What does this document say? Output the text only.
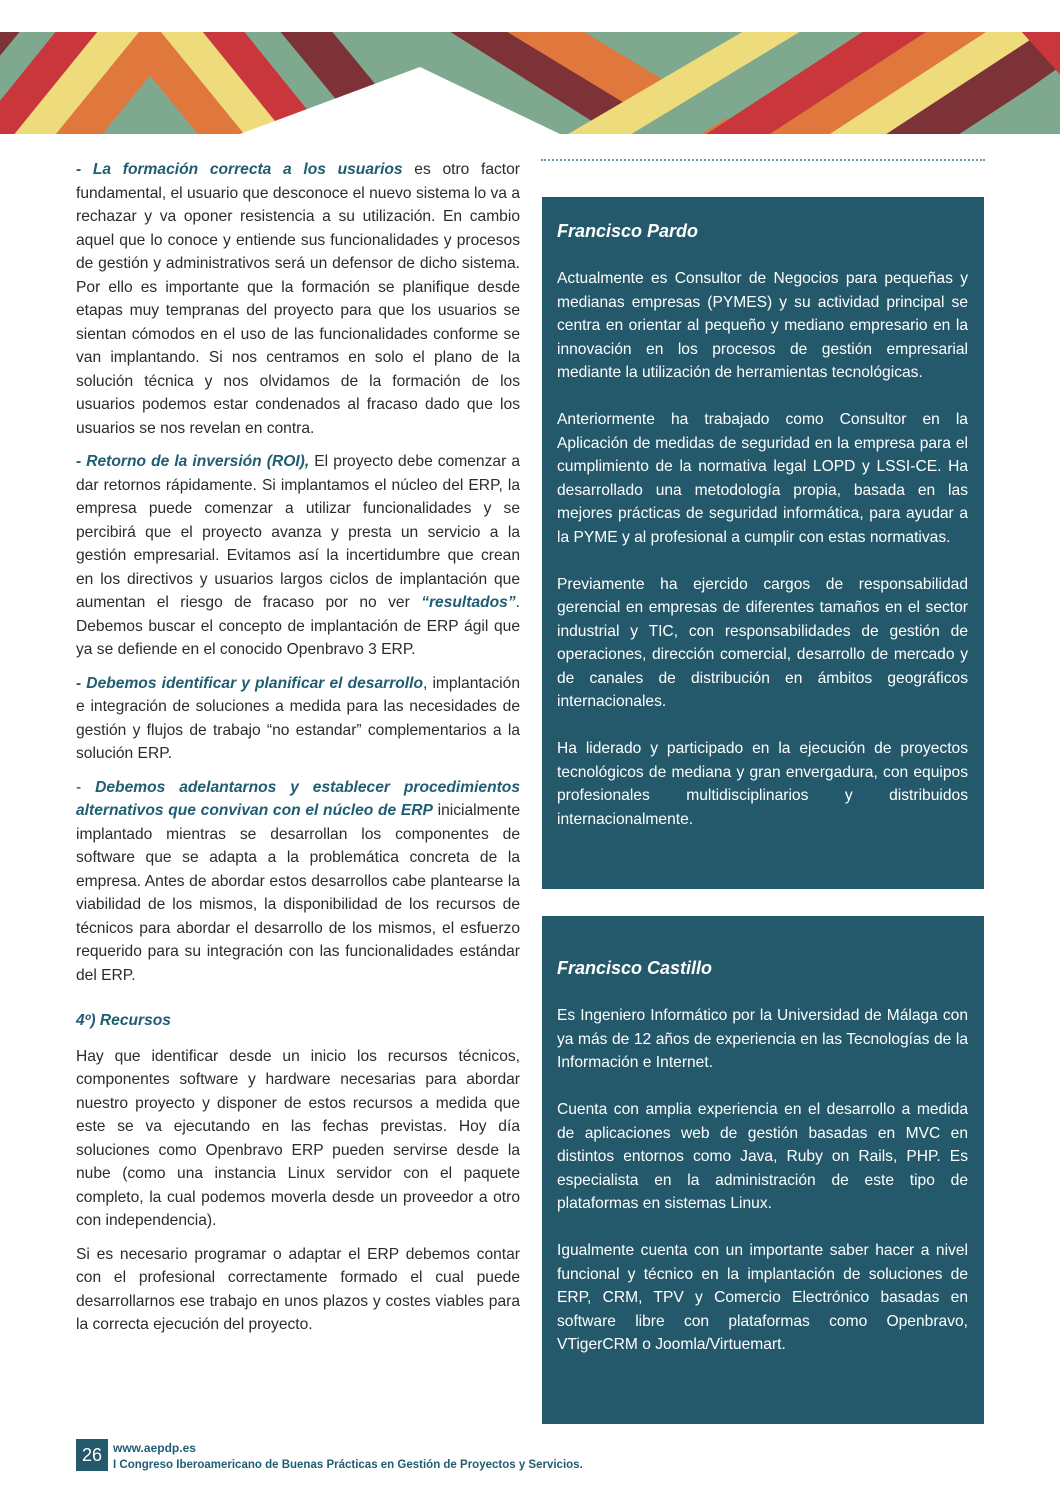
- La formación correcta a los usuarios es otro factor fundamental, el usuario que desconoce el nuevo sistema lo va a rechazar y va oponer resistencia a su utilización. En cambio aquel que lo conoce y entiende sus funcionalidades y procesos de gestión y administrativos será un defensor de dicho sistema. Por ello es importante que la formación se planifique desde etapas muy tempranas del proyecto para que los usuarios se sientan cómodos en el uso de las funcionalidades conforme se van implantando. Si nos centramos en solo el plano de la solución técnica y nos olvidamos de la formación de los usuarios podemos estar condenados al fracaso dado que los usuarios se nos revelan en contra.

- Retorno de la inversión (ROI), El proyecto debe comenzar a dar retornos rápidamente. Si implantamos el núcleo del ERP, la empresa puede comenzar a utilizar funcionalidades y se percibirá que el proyecto avanza y presta un servicio a la gestión empresarial. Evitamos así la incertidumbre que crean en los directivos y usuarios largos ciclos de implantación que aumentan el riesgo de fracaso por no ver “resultados”. Debemos buscar el concepto de implantación de ERP ágil que ya se defiende en el conocido Openbravo 3 ERP.

- Debemos identificar y planificar el desarrollo, implantación e integración de soluciones a medida para las necesidades de gestión y flujos de trabajo “no estandar” complementarios a la solución ERP.

- Debemos adelantarnos y establecer procedimientos alternativos que convivan con el núcleo de ERP inicialmente implantado mientras se desarrollan los componentes de software que se adapta a la problemática concreta de la empresa. Antes de abordar estos desarrollos cabe plantearse la viabilidad de los mismos, la disponibilidad de los recursos de técnicos para abordar el desarrollo de los mismos, el esfuerzo requerido para su integración con las funcionalidades estándar del ERP.

4º) Recursos

Hay que identificar desde un inicio los recursos técnicos, componentes software y hardware necesarias para abordar nuestro proyecto y disponer de estos recursos a medida que este se va ejecutando en las fechas previstas. Hoy día soluciones como Openbravo ERP pueden servirse desde la nube (como una instancia Linux servidor con el paquete completo, la cual podemos moverla desde un proveedor a otro con independencia).

Si es necesario programar o adaptar el ERP debemos contar con el profesional correctamente formado el cual puede desarrollarnos ese trabajo en unos plazos y costes viables para la correcta ejecución del proyecto.

Francisco Pardo

Actualmente es Consultor de Negocios para pequeñas y medianas empresas (PYMES) y su actividad principal se centra en orientar al pequeño y mediano empresario en la innovación en los procesos de gestión empresarial mediante la utilización de herramientas tecnológicas.

Anteriormente ha trabajado como Consultor en la Aplicación de medidas de seguridad en la empresa para el cumplimiento de la normativa legal LOPD y LSSI-CE. Ha desarrollado una metodología propia, basada en las mejores prácticas de seguridad informática, para ayudar a la PYME y al profesional a cumplir con estas normativas.

Previamente ha ejercido cargos de responsabilidad gerencial en empresas de diferentes tamaños en el sector industrial y TIC, con responsabilidades de gestión de operaciones, dirección comercial, desarrollo de mercado y de canales de distribución en ámbitos geográficos internacionales.

Ha liderado y participado en la ejecución de proyectos tecnológicos de mediana y gran envergadura, con equipos profesionales multidisciplinarios y distribuidos internacionalmente.

Francisco Castillo

Es Ingeniero Informático por la Universidad de Málaga con ya más de 12 años de experiencia en las Tecnologías de la Información e Internet.

Cuenta con amplia experiencia en el desarrollo a medida de aplicaciones web de gestión basadas en MVC en distintos entornos como Java, Ruby on Rails, PHP. Es especialista en la administración de este tipo de plataformas en sistemas Linux.

Igualmente cuenta con un importante saber hacer a nivel funcional y técnico en la implantación de soluciones de ERP, CRM, TPV y Comercio Electrónico basadas en software libre con plataformas como Openbravo, VTigerCRM o Joomla/Virtuemart.

26 www.aepdp.es
I Congreso Iberoamericano de Buenas Prácticas en Gestión de Proyectos y Servicios.
